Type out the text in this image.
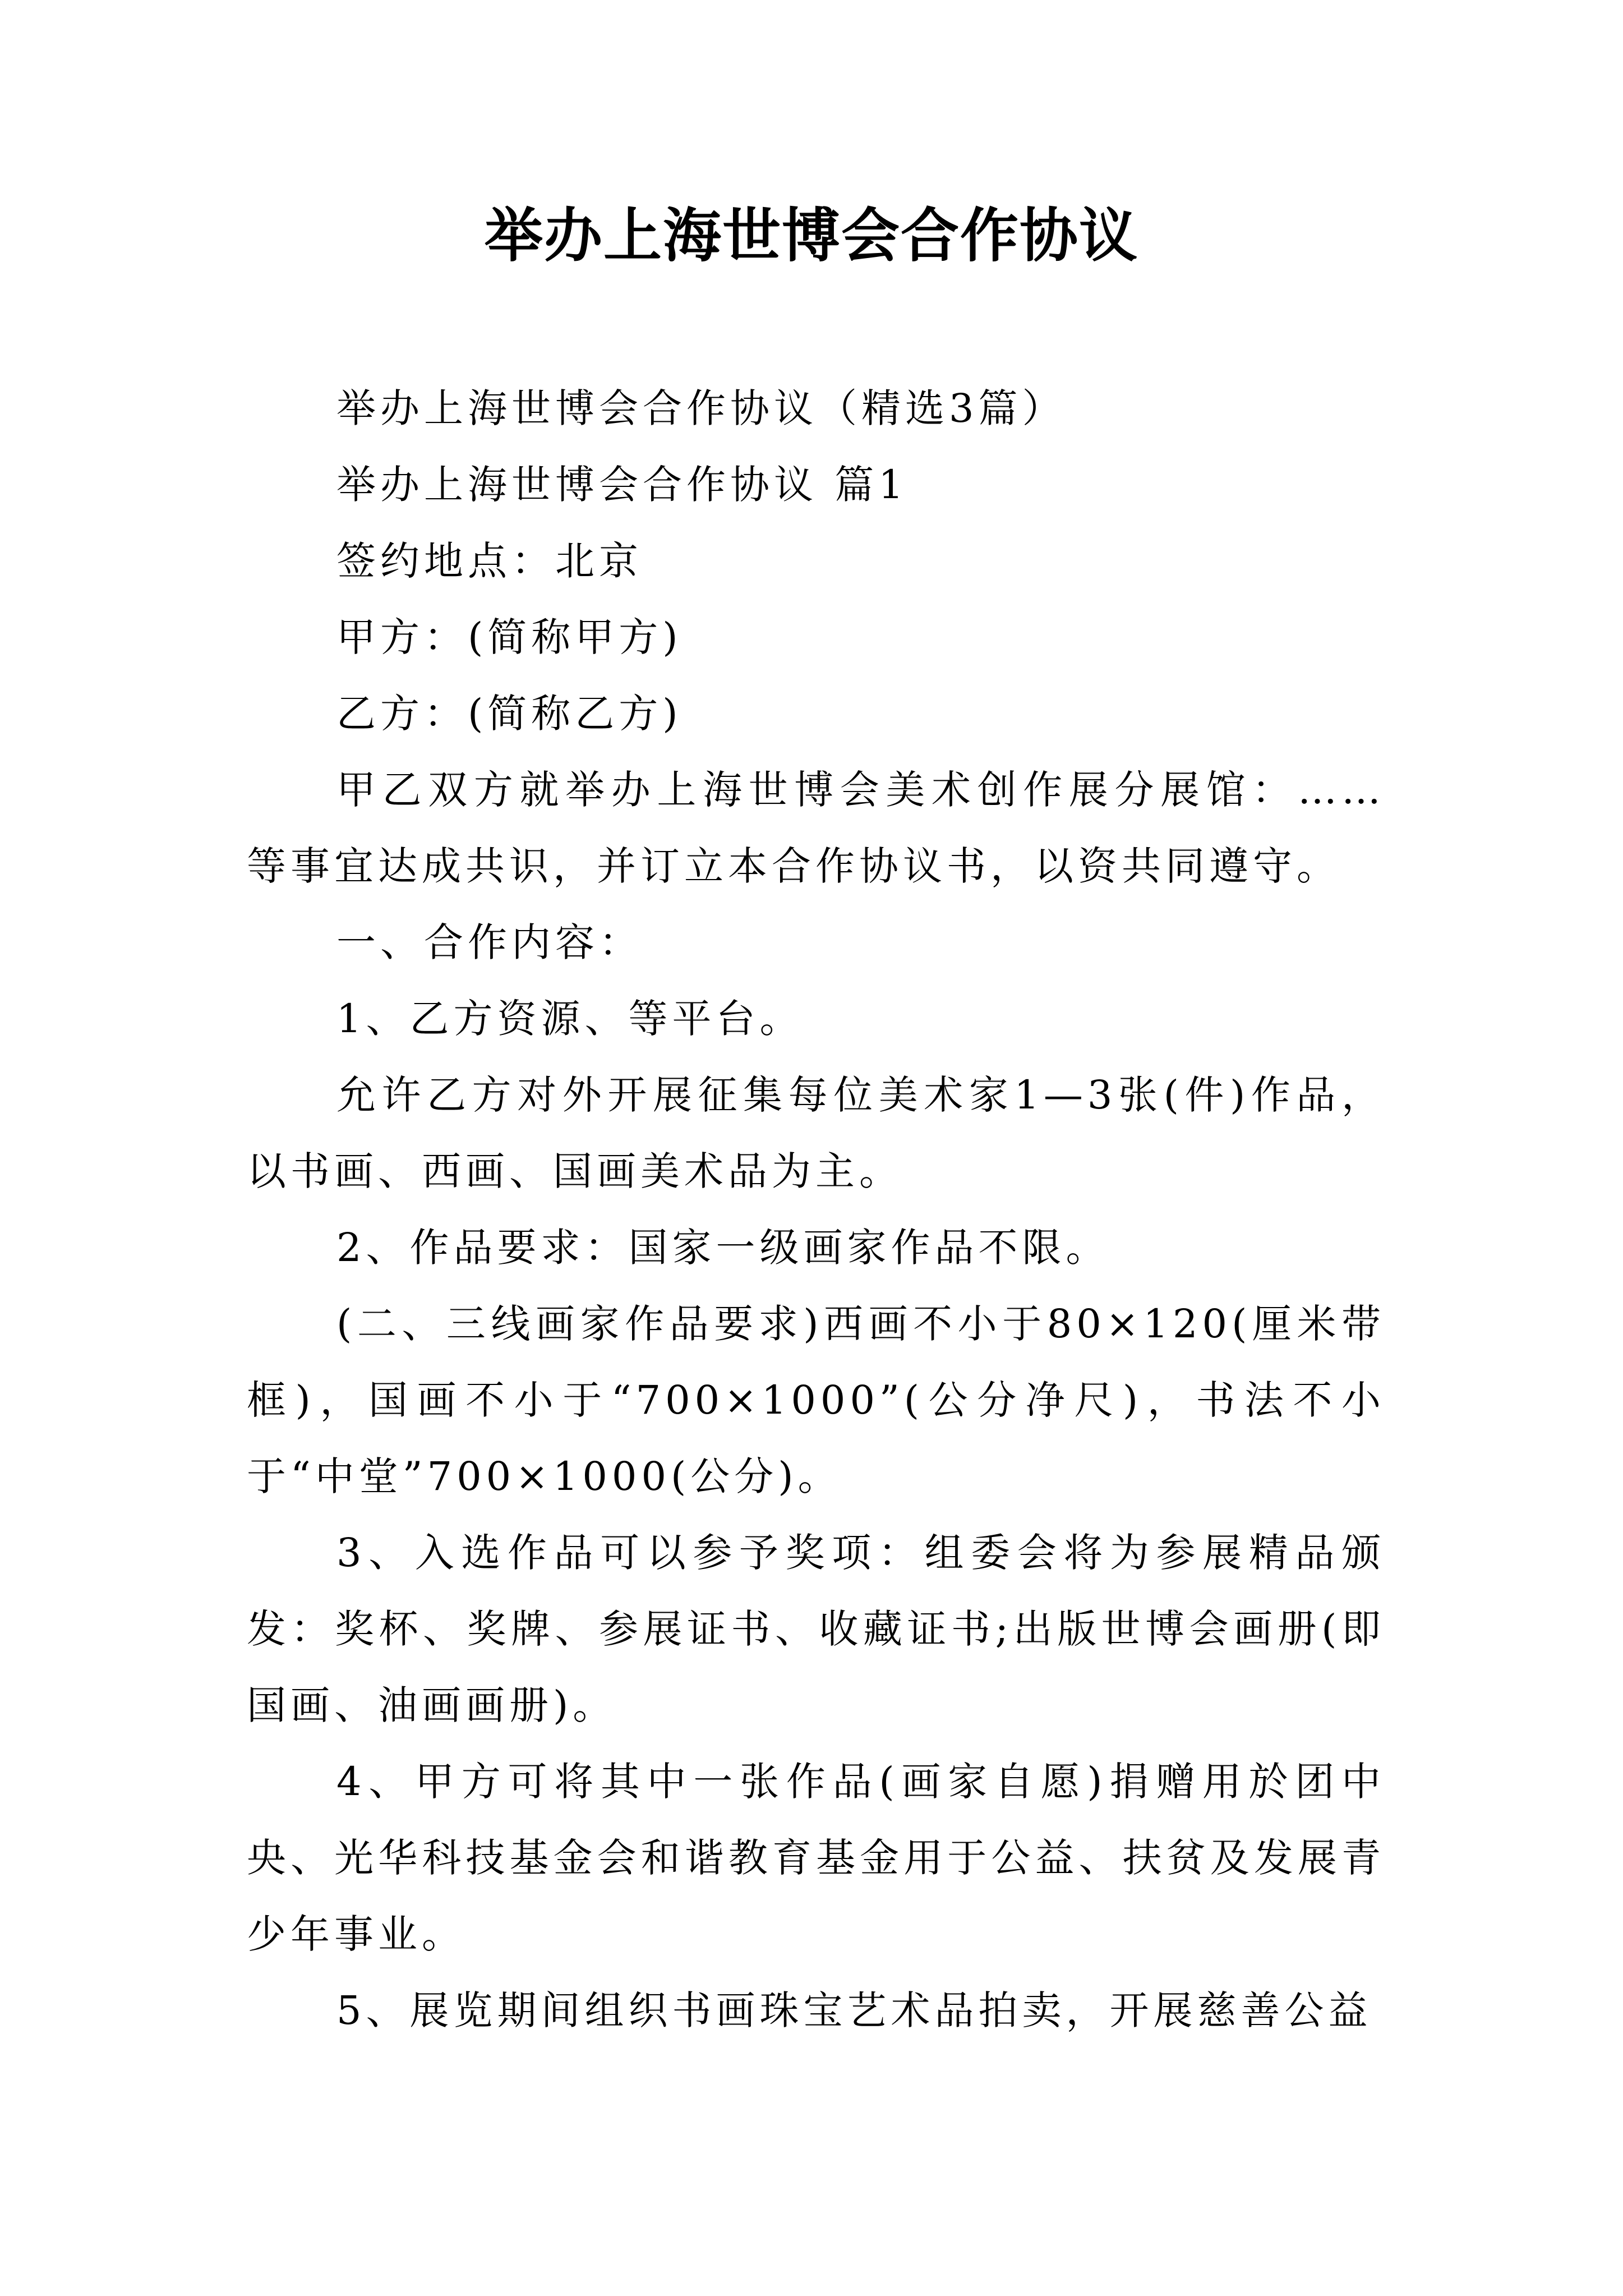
举办上海世博会合作协议

举办上海世博会合作协议（精选3篇）

举办上海世博会合作协议 篇1

签约地点：北京

甲方：(简称甲方)

乙方：(简称乙方)

甲乙双方就举办上海世博会美术创作展分展馆：……等事宜达成共识，并订立本合作协议书，以资共同遵守。

一、合作内容：

1、乙方资源、等平台。

允许乙方对外开展征集每位美术家1—3张(件)作品，以书画、西画、国画美术品为主。

2、作品要求：国家一级画家作品不限。

(二、三线画家作品要求)西画不小于80×120(厘米带框)，国画不小于“700×1000”(公分净尺)，书法不小于“中堂”700×1000(公分)。

3、入选作品可以参予奖项：组委会将为参展精品颁发：奖杯、奖牌、参展证书、收藏证书;出版世博会画册(即国画、油画画册)。

4、甲方可将其中一张作品(画家自愿)捐赠用於团中央、光华科技基金会和谐教育基金用于公益、扶贫及发展青少年事业。

5、展览期间组织书画珠宝艺术品拍卖，开展慈善公益
